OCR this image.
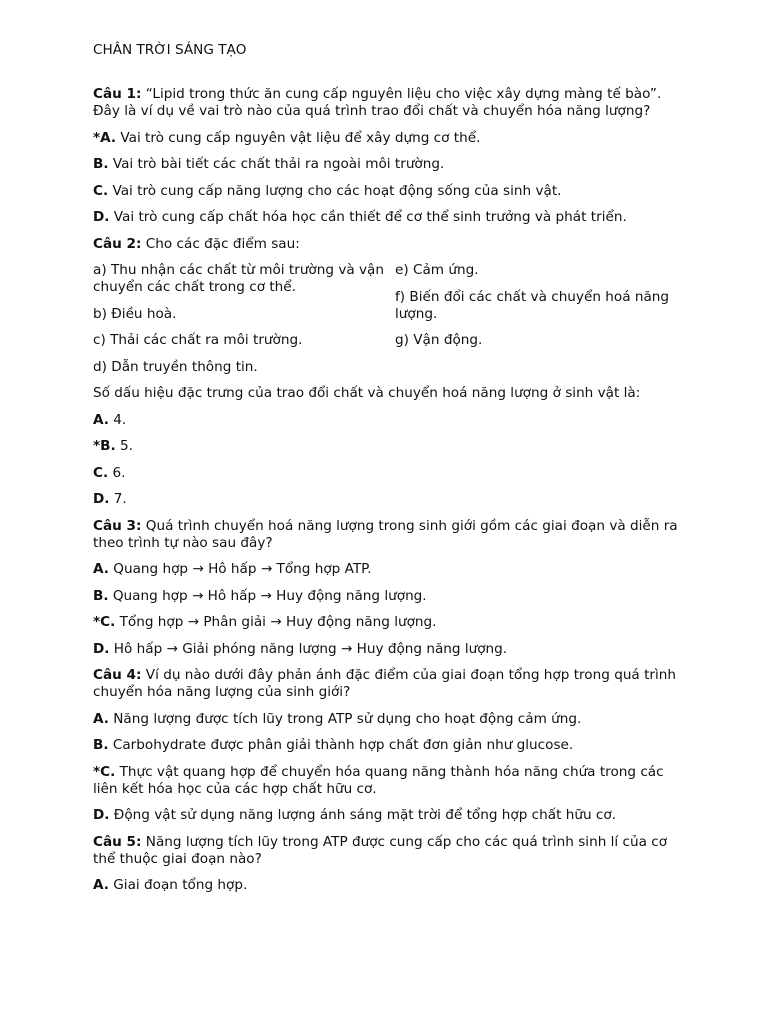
CHÂN TRỜI SÁNG TẠO

Câu 1: “Lipid trong thức ăn cung cấp nguyên liệu cho việc xây dựng màng tế bào”. Đây là ví dụ về vai trò nào của quá trình trao đổi chất và chuyển hóa năng lượng?

*A. Vai trò cung cấp nguyên vật liệu để xây dựng cơ thể.

B. Vai trò bài tiết các chất thải ra ngoài môi trường.

C. Vai trò cung cấp năng lượng cho các hoạt động sống của sinh vật.

D. Vai trò cung cấp chất hóa học cần thiết để cơ thể sinh trưởng và phát triển.

Câu 2: Cho các đặc điểm sau:

a) Thu nhận các chất từ môi trường và vận chuyển các chất trong cơ thể.

b) Điều hoà.

c) Thải các chất ra môi trường.

d) Dẫn truyền thông tin.

e) Cảm ứng.

f) Biến đổi các chất và chuyển hoá năng lượng.

g) Vận động.

Số dấu hiệu đặc trưng của trao đổi chất và chuyển hoá năng lượng ở sinh vật là:

A. 4.

*B. 5.

C. 6.

D. 7.

Câu 3: Quá trình chuyển hoá năng lượng trong sinh giới gồm các giai đoạn và diễn ra theo trình tự nào sau đây?

A. Quang hợp → Hô hấp → Tổng hợp ATP.

B. Quang hợp → Hô hấp → Huy động năng lượng.

*C. Tổng hợp → Phân giải → Huy động năng lượng.

D. Hô hấp → Giải phóng năng lượng → Huy động năng lượng.

Câu 4: Ví dụ nào dưới đây phản ánh đặc điểm của giai đoạn tổng hợp trong quá trình chuyển hóa năng lượng của sinh giới?

A. Năng lượng được tích lũy trong ATP sử dụng cho hoạt động cảm ứng.

B. Carbohydrate được phân giải thành hợp chất đơn giản như glucose.

*C. Thực vật quang hợp để chuyển hóa quang năng thành hóa năng chứa trong các liên kết hóa học của các hợp chất hữu cơ.

D. Động vật sử dụng năng lượng ánh sáng mặt trời để tổng hợp chất hữu cơ.

Câu 5: Năng lượng tích lũy trong ATP được cung cấp cho các quá trình sinh lí của cơ thể thuộc giai đoạn nào?

A. Giai đoạn tổng hợp.
